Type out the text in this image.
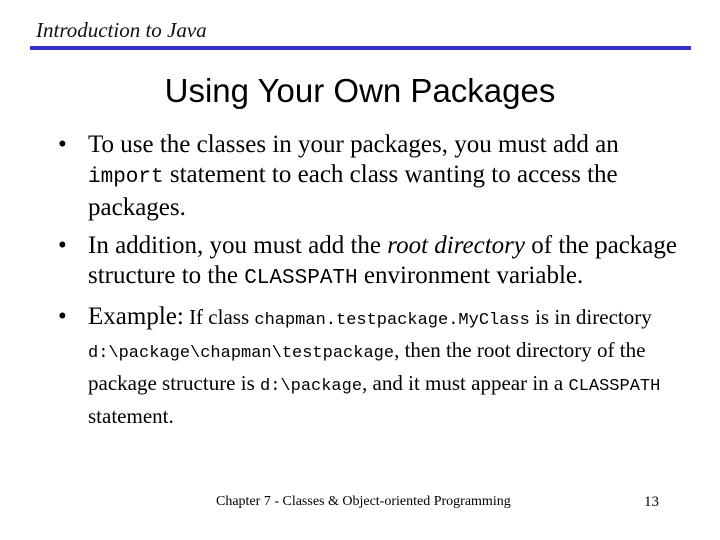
Introduction to Java
Using Your Own Packages
• To use the classes in your packages, you must add an import statement to each class wanting to access the packages.
• In addition, you must add the root directory of the package structure to the CLASSPATH environment variable.
• Example: If class chapman.testpackage.MyClass is in directory d:\package\chapman\testpackage, then the root directory of the package structure is d:\package, and it must appear in a CLASSPATH statement.
Chapter 7 - Classes & Object-oriented Programming	13
